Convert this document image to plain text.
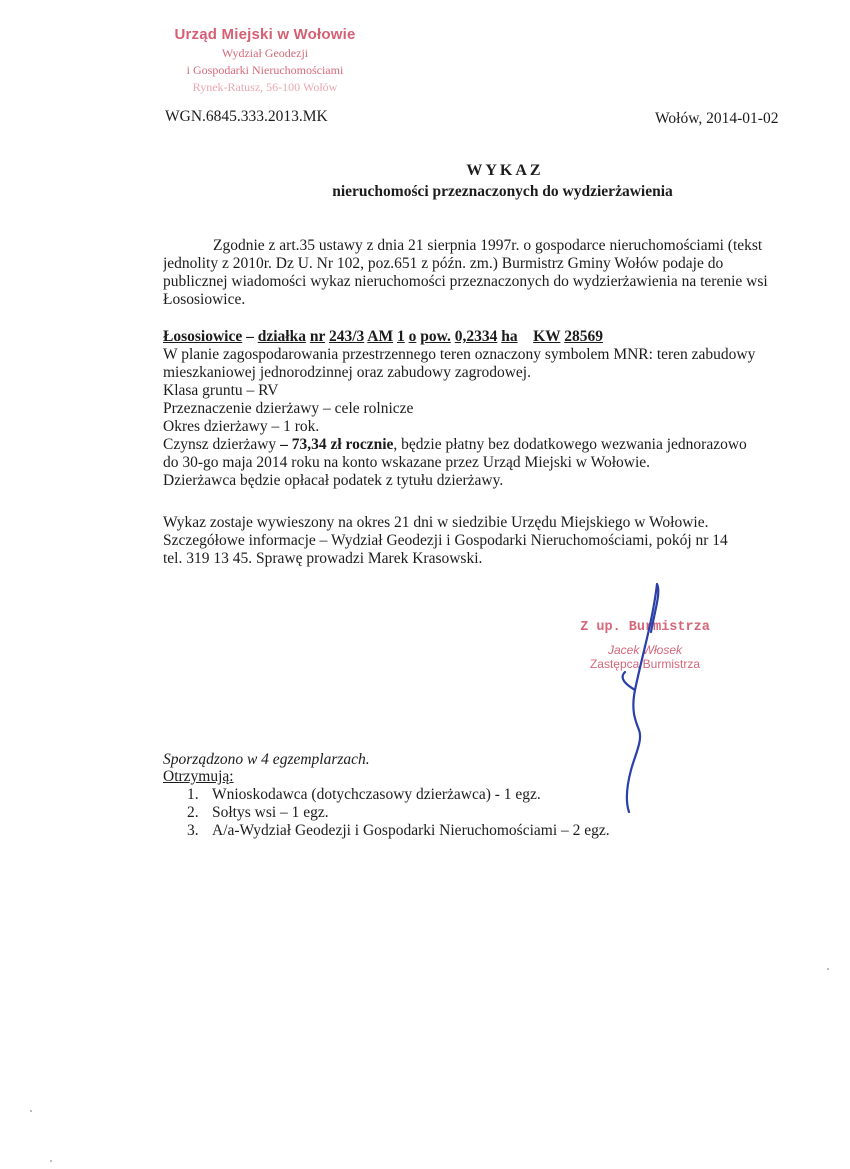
Urząd Miejski w Wołowie
Wydział Geodezji
i Gospodarki Nieruchomościami
Rynek-Ratusz, 56-100 Wołów
WGN.6845.333.2013.MK	Wołów, 2014-01-02
WYKAZ
nieruchomości przeznaczonych do wydzierżawienia
Zgodnie z art.35 ustawy z dnia 21 sierpnia 1997r. o gospodarce nieruchomościami (tekst
jednolity z 2010r. Dz U. Nr 102, poz.651 z późn. zm.) Burmistrz Gminy Wołów podaje do
publicznej wiadomości wykaz nieruchomości przeznaczonych do wydzierżawienia na terenie wsi
Łososiowice.
Łososiowice – działka nr 243/3 AM 1 o pow. 0,2334 ha KW 28569
W planie zagospodarowania przestrzennego teren oznaczony symbolem MNR: teren zabudowy
mieszkaniowej jednorodzinnej oraz zabudowy zagrodowej.
Klasa gruntu – RV
Przeznaczenie dzierżawy – cele rolnicze
Okres dzierżawy – 1 rok.
Czynsz dzierżawy – 73,34 zł rocznie, będzie płatny bez dodatkowego wezwania jednorazowo
do 30-go maja 2014 roku na konto wskazane przez Urząd Miejski w Wołowie.
Dzierżawca będzie opłacał podatek z tytułu dzierżawy.
Wykaz zostaje wywieszony na okres 21 dni w siedzibie Urzędu Miejskiego w Wołowie.
Szczegółowe informacje – Wydział Geodezji i Gospodarki Nieruchomościami, pokój nr 14
tel. 319 13 45. Sprawę prowadzi Marek Krasowski.
Z up. Burmistrza
Jacek Włosek
Zastępca Burmistrza
Sporządzono w 4 egzemplarzach.
Otrzymują:
1. Wnioskodawca (dotychczasowy dzierżawca) - 1 egz.
2. Sołtys wsi – 1 egz.
3. A/a-Wydział Geodezji i Gospodarki Nieruchomościami – 2 egz.
